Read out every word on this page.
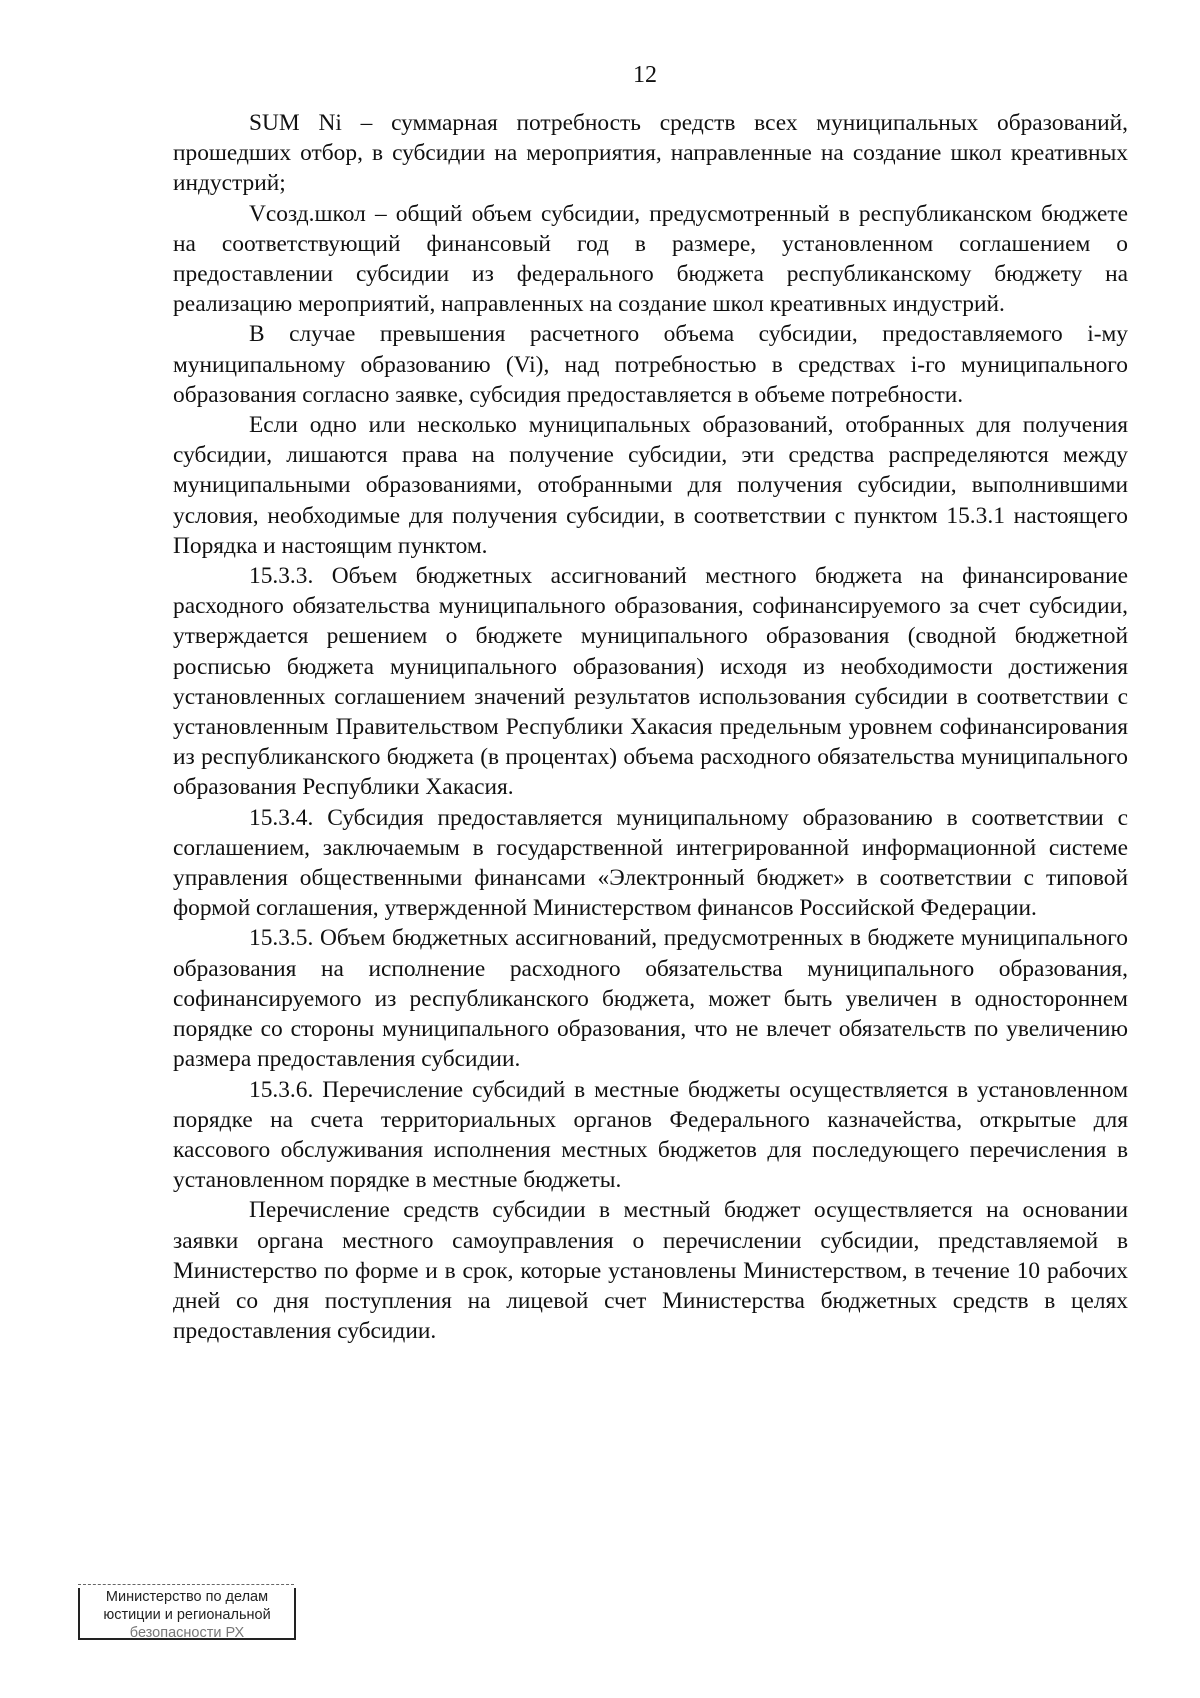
12

SUM Ni – суммарная потребность средств всех муниципальных образований, прошедших отбор, в субсидии на мероприятия, направленные на создание школ креативных индустрий;

Vсозд.школ – общий объем субсидии, предусмотренный в республиканском бюджете на соответствующий финансовый год в размере, установленном соглашением о предоставлении субсидии из федерального бюджета республиканскому бюджету на реализацию мероприятий, направленных на создание школ креативных индустрий.

В случае превышения расчетного объема субсидии, предоставляемого i-му муниципальному образованию (Vi), над потребностью в средствах i-го муниципального образования согласно заявке, субсидия предоставляется в объеме потребности.

Если одно или несколько муниципальных образований, отобранных для получения субсидии, лишаются права на получение субсидии, эти средства распределяются между муниципальными образованиями, отобранными для получения субсидии, выполнившими условия, необходимые для получения субсидии, в соответствии с пунктом 15.3.1 настоящего Порядка и настоящим пунктом.

15.3.3. Объем бюджетных ассигнований местного бюджета на финансирование расходного обязательства муниципального образования, софинансируемого за счет субсидии, утверждается решением о бюджете муниципального образования (сводной бюджетной росписью бюджета муниципального образования) исходя из необходимости достижения установленных соглашением значений результатов использования субсидии в соответствии с установленным Правительством Республики Хакасия предельным уровнем софинансирования из республиканского бюджета (в процентах) объема расходного обязательства муниципального образования Республики Хакасия.

15.3.4. Субсидия предоставляется муниципальному образованию в соответствии с соглашением, заключаемым в государственной интегрированной информационной системе управления общественными финансами «Электронный бюджет» в соответствии с типовой формой соглашения, утвержденной Министерством финансов Российской Федерации.

15.3.5. Объем бюджетных ассигнований, предусмотренных в бюджете муниципального образования на исполнение расходного обязательства муниципального образования, софинансируемого из республиканского бюджета, может быть увеличен в одностороннем порядке со стороны муниципального образования, что не влечет обязательств по увеличению размера предоставления субсидии.

15.3.6. Перечисление субсидий в местные бюджеты осуществляется в установленном порядке на счета территориальных органов Федерального казначейства, открытые для кассового обслуживания исполнения местных бюджетов для последующего перечисления в установленном порядке в местные бюджеты.

Перечисление средств субсидии в местный бюджет осуществляется на основании заявки органа местного самоуправления о перечислении субсидии, представляемой в Министерство по форме и в срок, которые установлены Министерством, в течение 10 рабочих дней со дня поступления на лицевой счет Министерства бюджетных средств в целях предоставления субсидии.

Министерство по делам
юстиции и региональной
безопасности РХ
